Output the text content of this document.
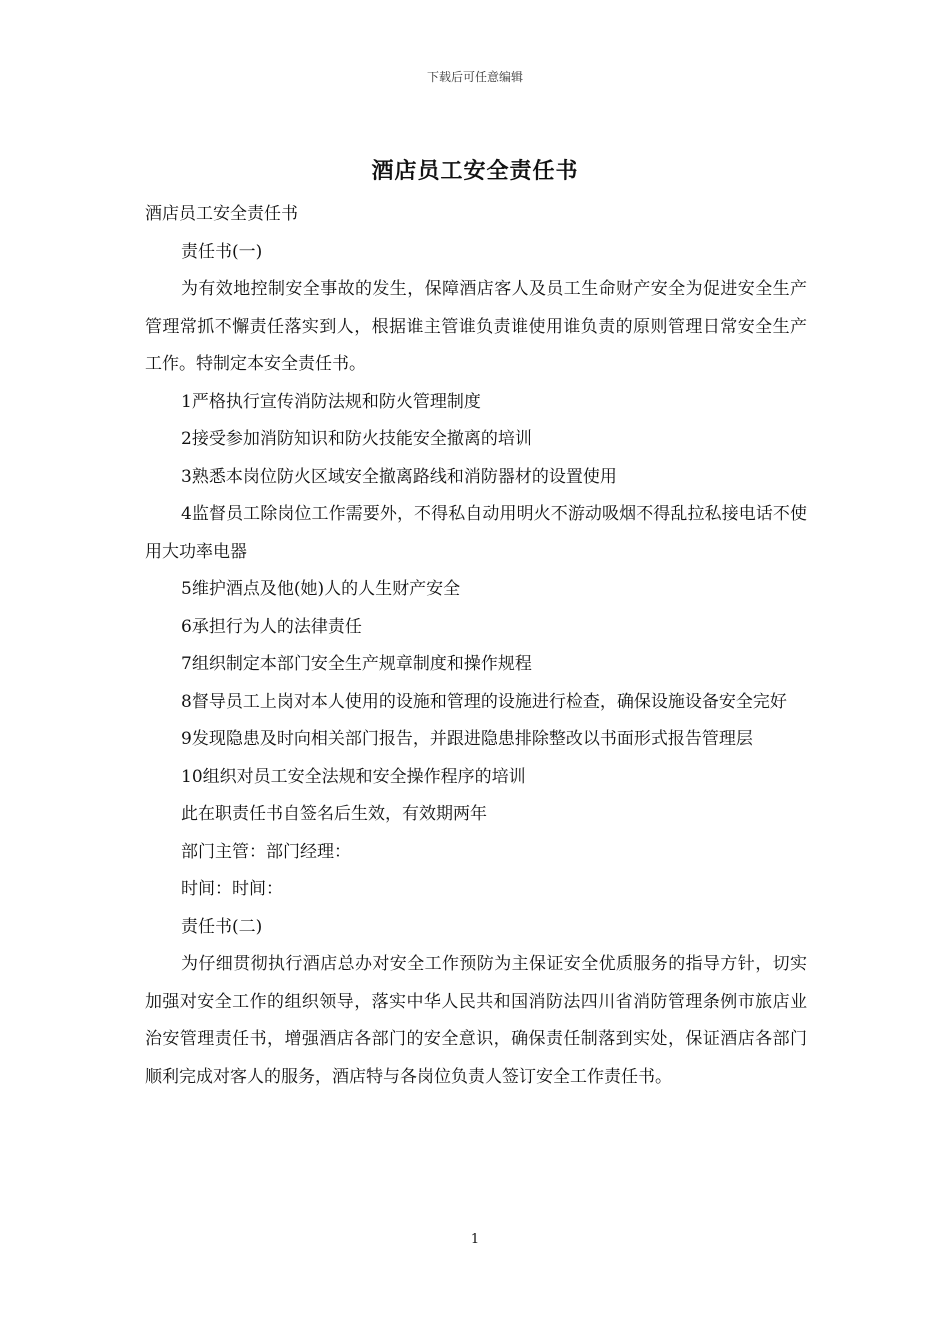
下载后可任意编辑
酒店员工安全责任书

酒店员工安全责任书

责任书(一)

为有效地控制安全事故的发生，保障酒店客人及员工生命财产安全为促进安全生产管理常抓不懈责任落实到人，根据谁主管谁负责谁使用谁负责的原则管理日常安全生产工作。特制定本安全责任书。

1严格执行宣传消防法规和防火管理制度

2接受参加消防知识和防火技能安全撤离的培训

3熟悉本岗位防火区域安全撤离路线和消防器材的设置使用

4监督员工除岗位工作需要外，不得私自动用明火不游动吸烟不得乱拉私接电话不使用大功率电器

5维护酒点及他(她)人的人生财产安全

6承担行为人的法律责任

7组织制定本部门安全生产规章制度和操作规程

8督导员工上岗对本人使用的设施和管理的设施进行检查，确保设施设备安全完好

9发现隐患及时向相关部门报告，并跟进隐患排除整改以书面形式报告管理层

10组织对员工安全法规和安全操作程序的培训

此在职责任书自签名后生效，有效期两年

部门主管：部门经理：

时间：时间：

责任书(二)

为仔细贯彻执行酒店总办对安全工作预防为主保证安全优质服务的指导方针，切实加强对安全工作的组织领导，落实中华人民共和国消防法四川省消防管理条例市旅店业治安管理责任书，增强酒店各部门的安全意识，确保责任制落到实处，保证酒店各部门顺利完成对客人的服务，酒店特与各岗位负责人签订安全工作责任书。

1
